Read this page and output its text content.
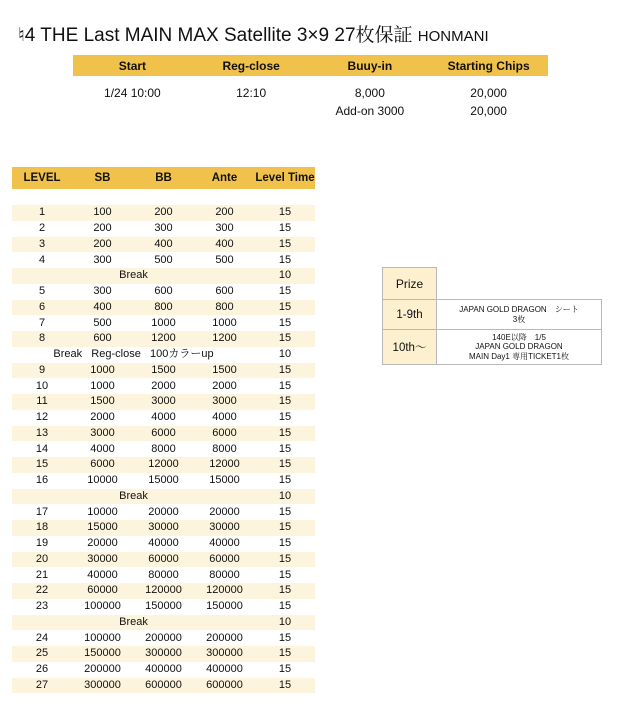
♮4 THE Last MAIN MAX Satellite 3×9 27枚保証 HONMANI
Start	Reg-close	Buuy-in	Starting Chips

1/24 10:00	12:10	8,000	20,000
		Add-on 3000	20,000
LEVEL	SB	BB	Ante	Level Time

1	100	200	200	15
2	200	300	300	15
3	200	400	400	15
4	300	500	500	15
Break				10
5	300	600	600	15
6	400	800	800	15
7	500	1000	1000	15
8	600	1200	1200	15
Break   Reg-close   100カラーup				10
9	1000	1500	1500	15
10	1000	2000	2000	15
11	1500	3000	3000	15
12	2000	4000	4000	15
13	3000	6000	6000	15
14	4000	8000	8000	15
15	6000	12000	12000	15
16	10000	15000	15000	15
Break				10
17	10000	20000	20000	15
18	15000	30000	30000	15
19	20000	40000	40000	15
20	30000	60000	60000	15
21	40000	80000	80000	15
22	60000	120000	120000	15
23	100000	150000	150000	15
Break				10
24	100000	200000	200000	15
25	150000	300000	300000	15
26	200000	400000	400000	15
27	300000	600000	600000	15
Prize	
1-9th	JAPAN GOLD DRAGON　シート
3枚

10th〜	140E以降　1/5
JAPAN GOLD DRAGON
MAIN Day1 専用TICKET1枚
